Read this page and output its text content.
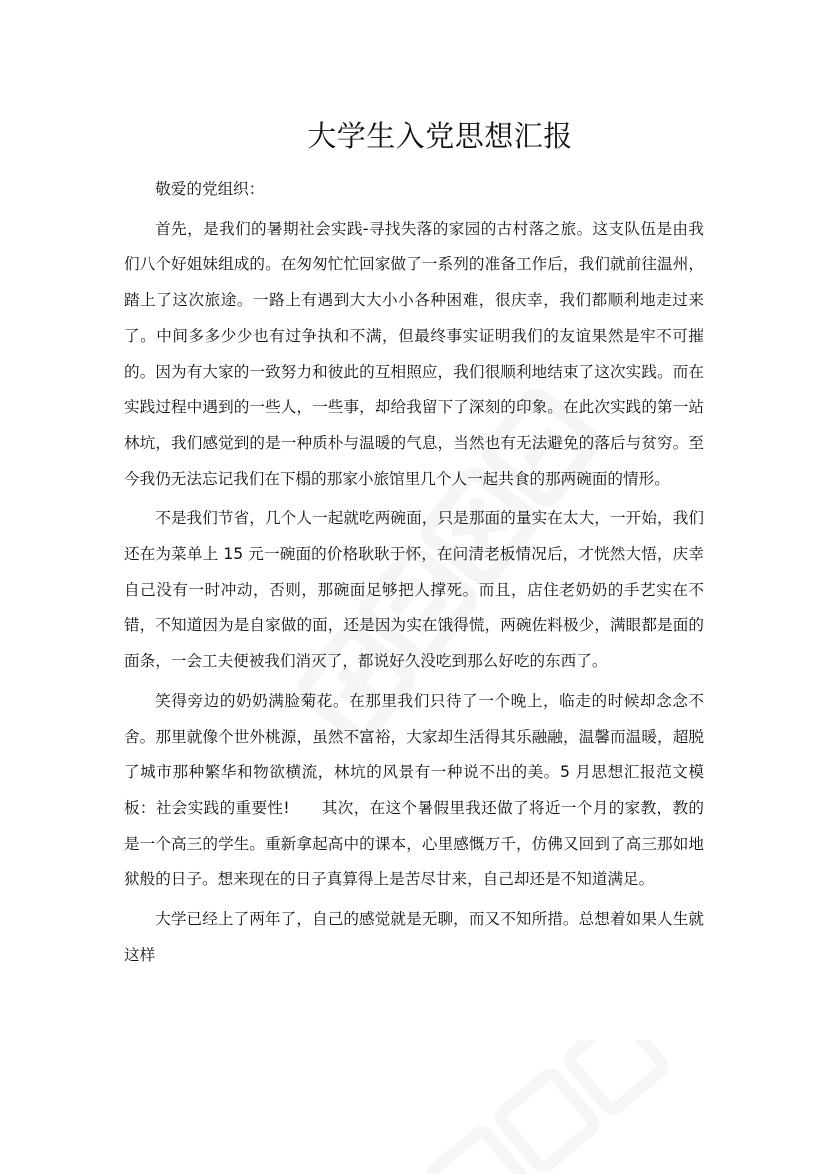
大学生入党思想汇报

敬爱的党组织：

首先，是我们的暑期社会实践-寻找失落的家园的古村落之旅。这支队伍是由我们八个好姐妹组成的。在匆匆忙忙回家做了一系列的准备工作后，我们就前往温州，踏上了这次旅途。一路上有遇到大大小小各种困难，很庆幸，我们都顺利地走过来了。中间多多少少也有过争执和不满，但最终事实证明我们的友谊果然是牢不可摧的。因为有大家的一致努力和彼此的互相照应，我们很顺利地结束了这次实践。而在实践过程中遇到的一些人，一些事，却给我留下了深刻的印象。在此次实践的第一站林坑，我们感觉到的是一种质朴与温暖的气息，当然也有无法避免的落后与贫穷。至今我仍无法忘记我们在下榻的那家小旅馆里几个人一起共食的那两碗面的情形。

不是我们节省，几个人一起就吃两碗面，只是那面的量实在太大，一开始，我们还在为菜单上 15 元一碗面的价格耿耿于怀，在问清老板情况后，才恍然大悟，庆幸自己没有一时冲动，否则，那碗面足够把人撑死。而且，店住老奶奶的手艺实在不错，不知道因为是自家做的面，还是因为实在饿得慌，两碗佐料极少，满眼都是面的面条，一会工夫便被我们消灭了，都说好久没吃到那么好吃的东西了。

笑得旁边的奶奶满脸菊花。在那里我们只待了一个晚上，临走的时候却念念不舍。那里就像个世外桃源，虽然不富裕，大家却生活得其乐融融，温馨而温暖，超脱了城市那种繁华和物欲横流，林坑的风景有一种说不出的美。5 月思想汇报范文模板：社会实践的重要性!　　其次，在这个暑假里我还做了将近一个月的家教，教的是一个高三的学生。重新拿起高中的课本，心里感慨万千，仿佛又回到了高三那如地狱般的日子。想来现在的日子真算得上是苦尽甘来，自己却还是不知道满足。

大学已经上了两年了，自己的感觉就是无聊，而又不知所措。总想着如果人生就这样
